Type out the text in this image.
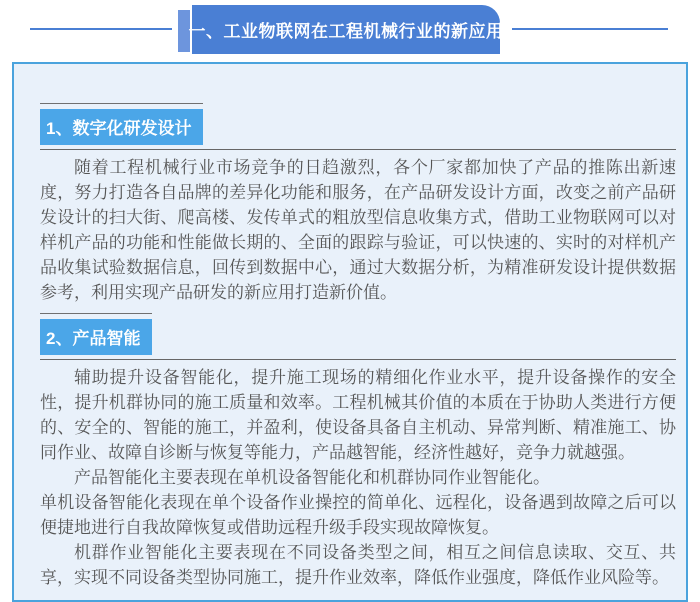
一、工业物联网在工程机械行业的新应用
1、数字化研发设计

随着工程机械行业市场竞争的日趋激烈，各个厂家都加快了产品的推陈出新速度，努力打造各自品牌的差异化功能和服务，在产品研发设计方面，改变之前产品研发设计的扫大街、爬高楼、发传单式的粗放型信息收集方式，借助工业物联网可以对样机产品的功能和性能做长期的、全面的跟踪与验证，可以快速的、实时的对样机产品收集试验数据信息，回传到数据中心，通过大数据分析，为精准研发设计提供数据参考，利用实现产品研发的新应用打造新价值。

2、产品智能

辅助提升设备智能化，提升施工现场的精细化作业水平，提升设备操作的安全性，提升机群协同的施工质量和效率。工程机械其价值的本质在于协助人类进行方便的、安全的、智能的施工，并盈利，使设备具备自主机动、异常判断、精准施工、协同作业、故障自诊断与恢复等能力，产品越智能，经济性越好，竞争力就越强。

产品智能化主要表现在单机设备智能化和机群协同作业智能化。

单机设备智能化表现在单个设备作业操控的简单化、远程化，设备遇到故障之后可以便捷地进行自我故障恢复或借助远程升级手段实现故障恢复。

机群作业智能化主要表现在不同设备类型之间，相互之间信息读取、交互、共享，实现不同设备类型协同施工，提升作业效率，降低作业强度，降低作业风险等。
